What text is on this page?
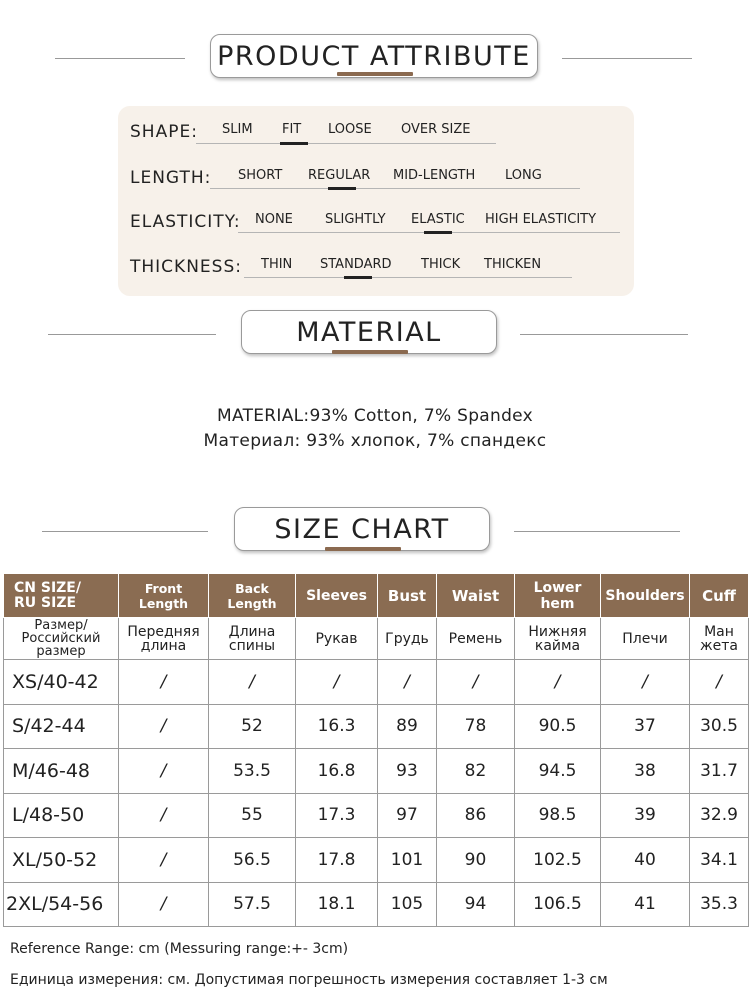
PRODUCT ATTRIBUTE
SHAPE: SLIM FIT LOOSE OVER SIZE
LENGTH: SHORT REGULAR MID-LENGTH LONG
ELASTICITY: NONE SLIGHTLY ELASTIC HIGH ELASTICITY
THICKNESS: THIN STANDARD THICK THICKEN
MATERIAL
MATERIAL:93% Cotton, 7% Spandex
Материал: 93% хлопок, 7% спандекс
SIZE CHART
CN SIZE/
RU SIZE	Front Length	Back Length	Sleeves	Bust	Waist	Lower hem	Shoulders	Cuff
Размер/
Российский
размер	Передняя
длина	Длина
спины	Рукав	Грудь	Ремень	Нижняя
кайма	Плечи	Ман
жета
XS/40-42	/	/	/	/	/	/	/	/
S/42-44	/	52	16.3	89	78	90.5	37	30.5
M/46-48	/	53.5	16.8	93	82	94.5	38	31.7
L/48-50	/	55	17.3	97	86	98.5	39	32.9
XL/50-52	/	56.5	17.8	101	90	102.5	40	34.1
2XL/54-56	/	57.5	18.1	105	94	106.5	41	35.3
Reference Range: cm (Messuring range:+- 3cm)
Единица измерения: см. Допустимая погрешность измерения составляет 1-3 см
